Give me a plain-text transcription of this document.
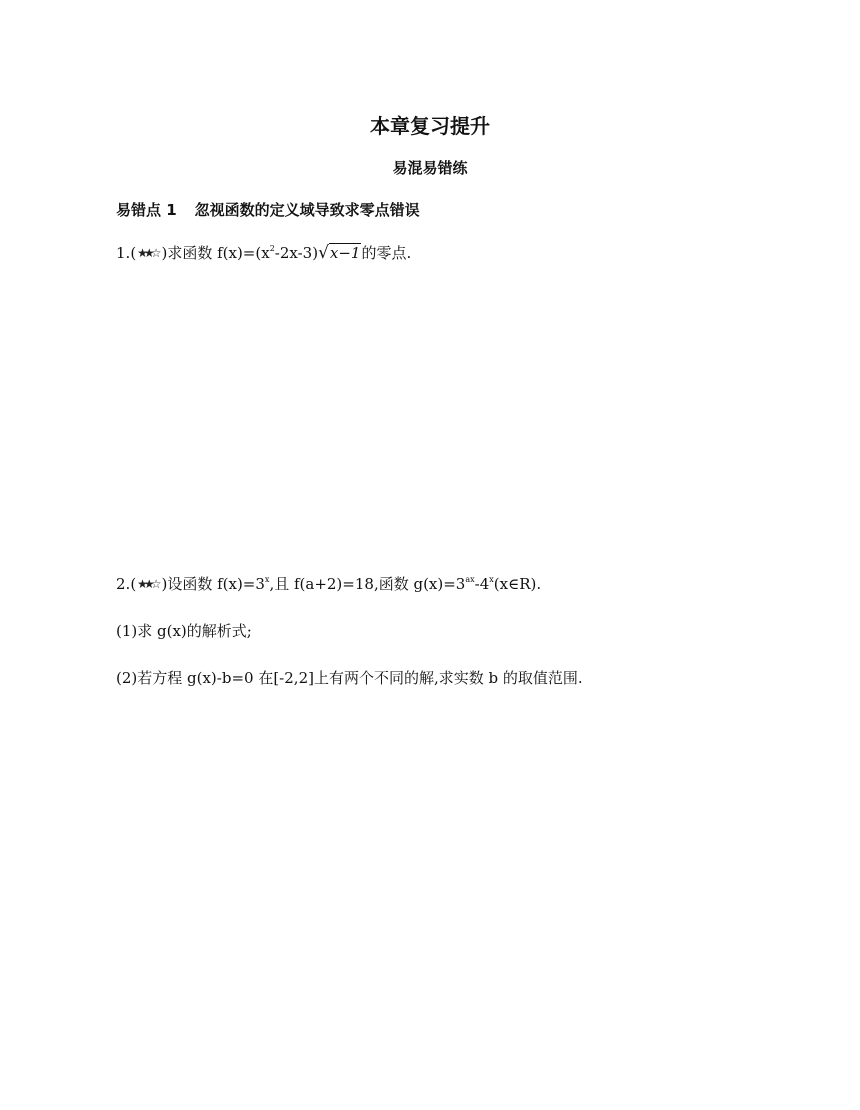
本章复习提升
易混易错练
易错点 1 忽视函数的定义域导致求零点错误
1.(★★☆ )求函数 $f(x)=(x^2-2x-3)√x-1$的零点.
2.(★★☆ )设函数 $f(x)=3^x$,且 f(a+2)=18,函数 $g(x)=3^{ax}-4^x(x\in R)$.
(1)求 g(x)的解析式;
(2)若方程 g(x)-b=0 在[-2,2]上有两个不同的解,求实数 b 的取值范围.
